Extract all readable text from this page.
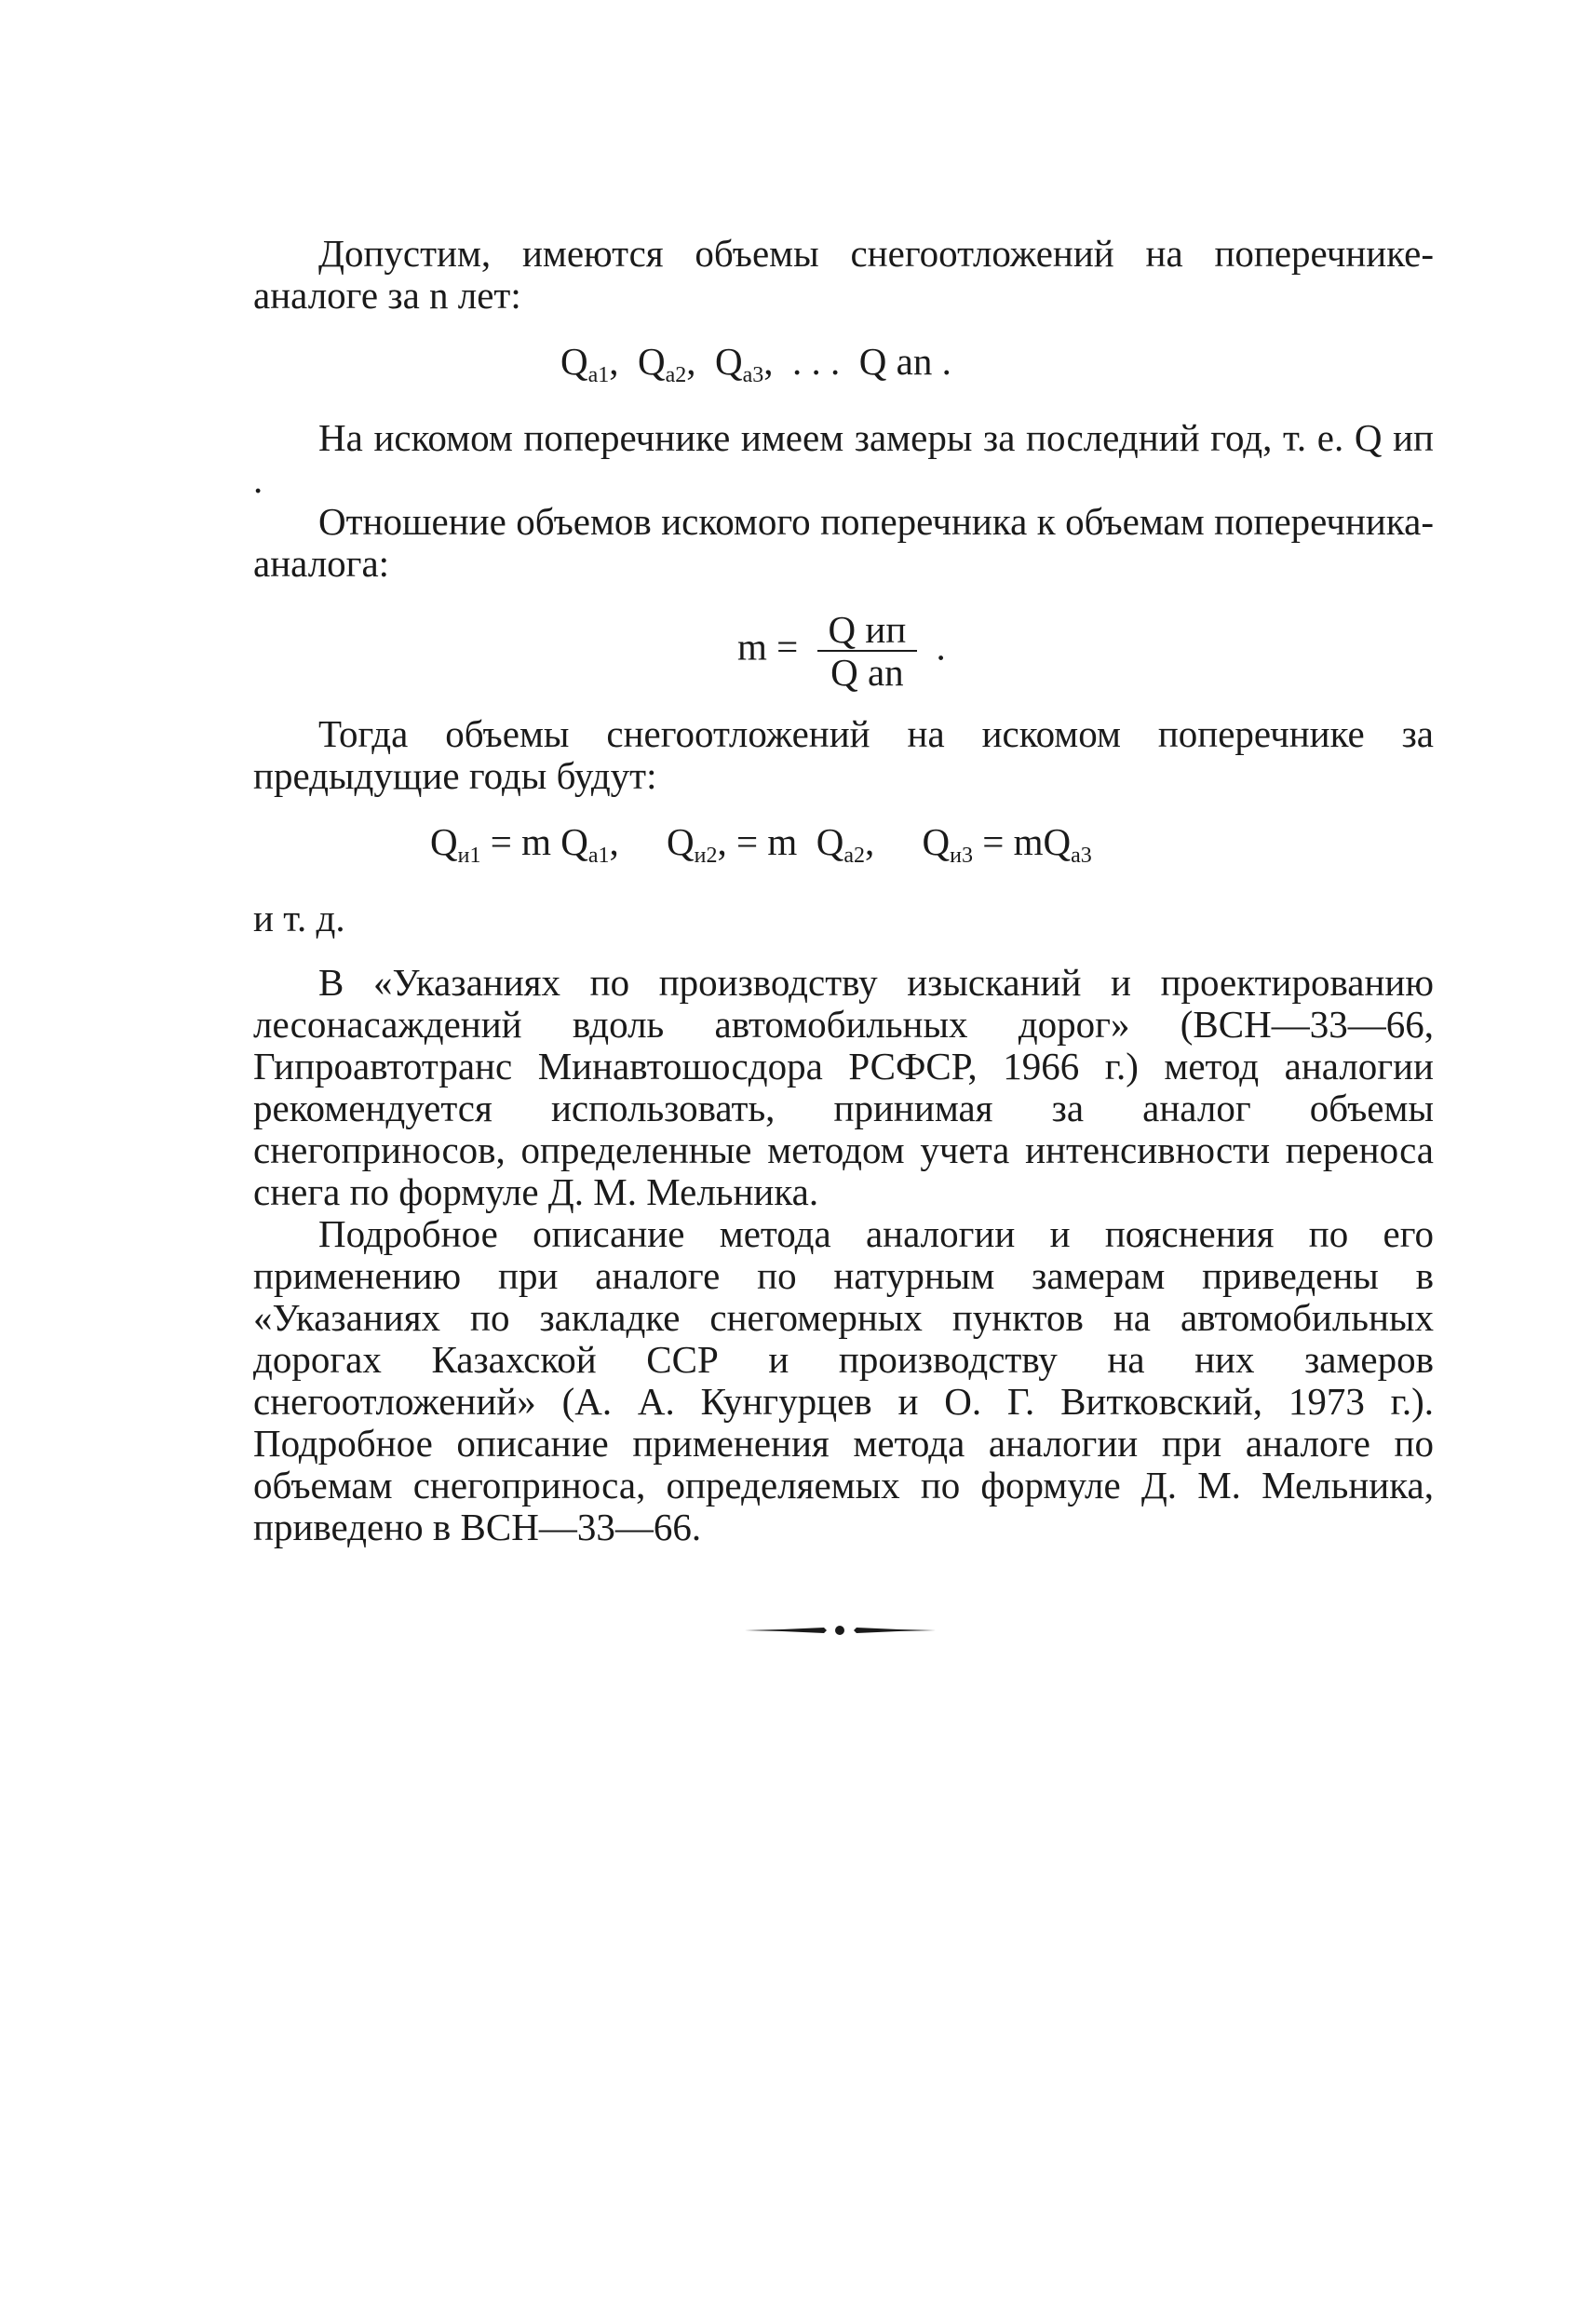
Допустим, имеются объемы снегоотложений на поперечнике-аналоге за n лет:

$Q_{a1}$, $Q_{a2}$, $Q_{a3}$, . . . Q an .

На искомом поперечнике имеем замеры за последний год, т. е. Q ип .

Отношение объемов искомого поперечника к объемам поперечника-аналога:

$m = \frac{\text{Q ип}}{\text{Q an}}$ .

Тогда объемы снегоотложений на искомом поперечнике за предыдущие годы будут:

$Q_{и1} = m$ $Q_{a1}$, $Q_{и2}$, = m $Q_{a2}$, $Q_{и3} = mQ_{a3}$

и т. д.

В «Указаниях по производству изысканий и проектированию лесонасаждений вдоль автомобильных дорог» (ВСН—33—66, Гипроавтотранс Минавтошосдора РСФСР, 1966 г.) метод аналогии рекомендуется использовать, принимая за аналог объемы снегоприносов, определенные методом учета интенсивности переноса снега по формуле Д. М. Мельника.

Подробное описание метода аналогии и пояснения по его применению при аналоге по натурным замерам приведены в «Указаниях по закладке снегомерных пунктов на автомобильных дорогах Казахской ССР и производству на них замеров снегоотложений» (А. А. Кунгурцев и О. Г. Витковский, 1973 г.). Подробное описание применения метода аналогии при аналоге по объемам снегоприноса, определяемых по формуле Д. М. Мельника, приведено в ВСН—33—66.
